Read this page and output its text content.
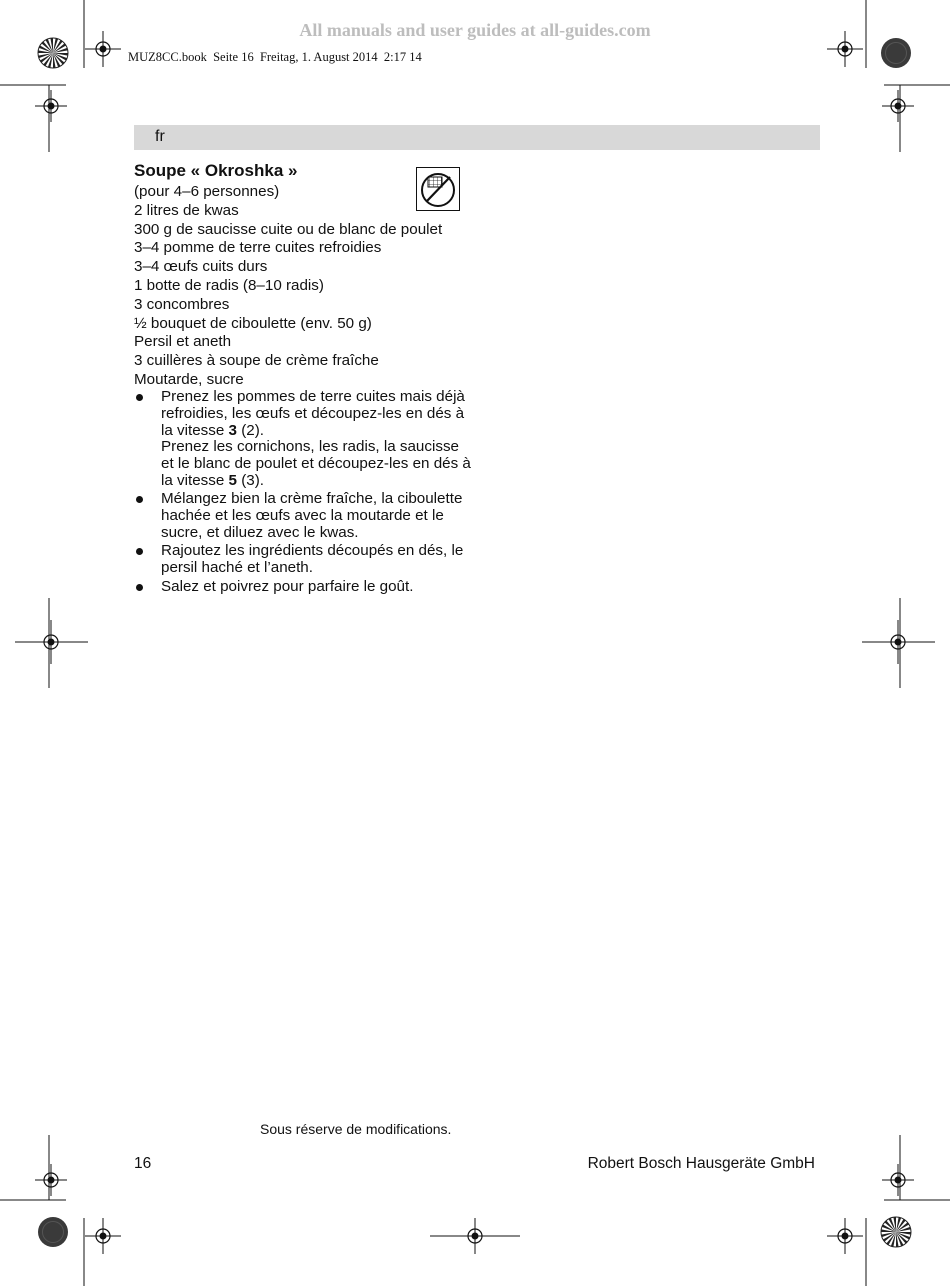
All manuals and user guides at all-guides.com
MUZ8CC.book  Seite 16  Freitag, 1. August 2014  2:17 14
fr
Soupe « Okroshka »
(pour 4–6 personnes)
2 litres de kwas
300 g de saucisse cuite ou de blanc de poulet
3–4 pomme de terre cuites refroidies
3–4 œufs cuits durs
1 botte de radis (8–10 radis)
3 concombres
½ bouquet de ciboulette (env. 50 g)
Persil et aneth
3 cuillères à soupe de crème fraîche
Moutarde, sucre

Prenez les pommes de terre cuites mais déjà refroidies, les œufs et découpez-les en dés à la vitesse 3 (2).

Prenez les cornichons, les radis, la saucisse et le blanc de poulet et découpez-les en dés à la vitesse 5 (3).

Mélangez bien la crème fraîche, la ciboulette hachée et les œufs avec la moutarde et le sucre, et diluez avec le kwas.

Rajoutez les ingrédients découpés en dés, le persil haché et l’aneth.

Salez et poivrez pour parfaire le goût.

Sous réserve de modifications.
16	Robert Bosch Hausgeräte GmbH
